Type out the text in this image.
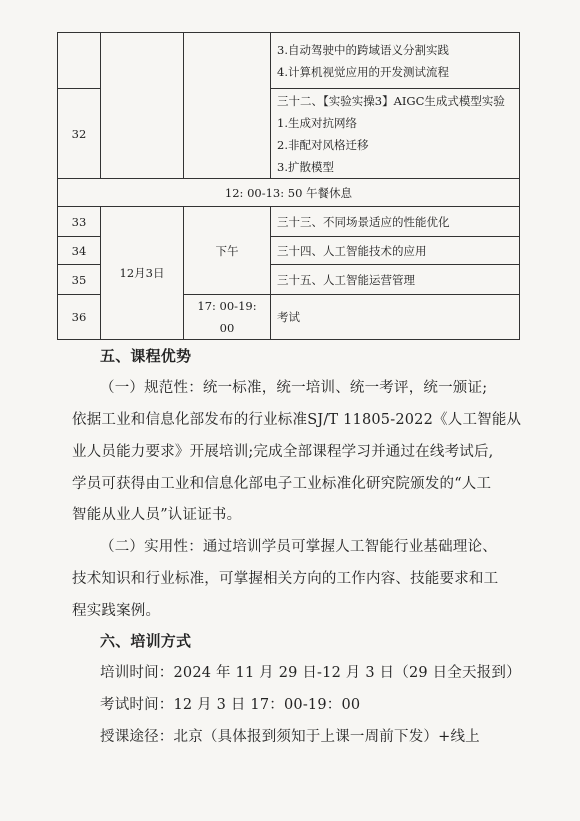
			3.自动驾驶中的跨域语义分割实践
4.计算机视觉应用的开发测试流程

32			三十二、【实验实操3】AIGC生成式模型实验
1.生成对抗网络
2.非配对风格迁移
3.扩散模型

12: 00-13: 50 午餐休息			
33	12月3日	下午	三十三、不同场景适应的性能优化
34			三十四、人工智能技术的应用
35			三十五、人工智能运营管理
36		17: 00-19: 00	考试
五、课程优势
（一）规范性：统一标准，统一培训、统一考评，统一颁证;
依据工业和信息化部发布的行业标准SJ/T 11805-2022《人工智能从
业人员能力要求》开展培训;完成全部课程学习并通过在线考试后,
学员可获得由工业和信息化部电子工业标准化研究院颁发的“人工
智能从业人员”认证证书。
（二）实用性：通过培训学员可掌握人工智能行业基础理论、
技术知识和行业标准，可掌握相关方向的工作内容、技能要求和工
程实践案例。
六、培训方式
培训时间：2024 年 11 月 29 日-12 月 3 日（29 日全天报到）
考试时间：12 月 3 日 17：00-19：00
授课途径：北京（具体报到须知于上课一周前下发）+线上
